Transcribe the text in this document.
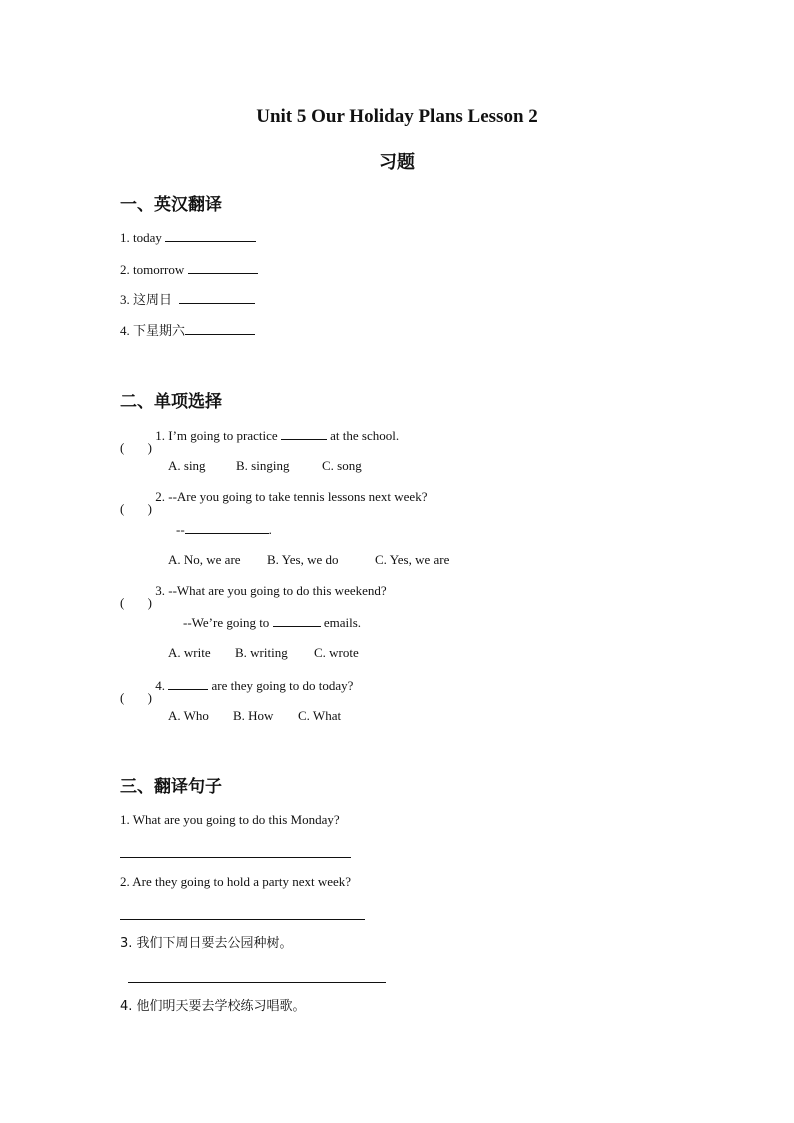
Unit 5 Our Holiday Plans Lesson 2
习题
一、英汉翻译
1. today
2. tomorrow
3. 这周日
4. 下星期六
二、单项选择
( )
1. I’m going to practice	at the school.
A. sing B. singing	C. song
( )
2. --Are you going to take tennis lessons next week?
--	.
A. No, we are B. Yes, we do	C. Yes, we are
( )
3. --What are you going to do this weekend?
--We’re going to	emails.
A. write B. writing C. wrote
( )
4.	are they going to do today?
A. Who B. How C. What
三、翻译句子
1. What are you going to do this Monday?
2. Are they going to hold a party next week?
3. 我们下周日要去公园种树。
4. 他们明天要去学校练习唱歌。
